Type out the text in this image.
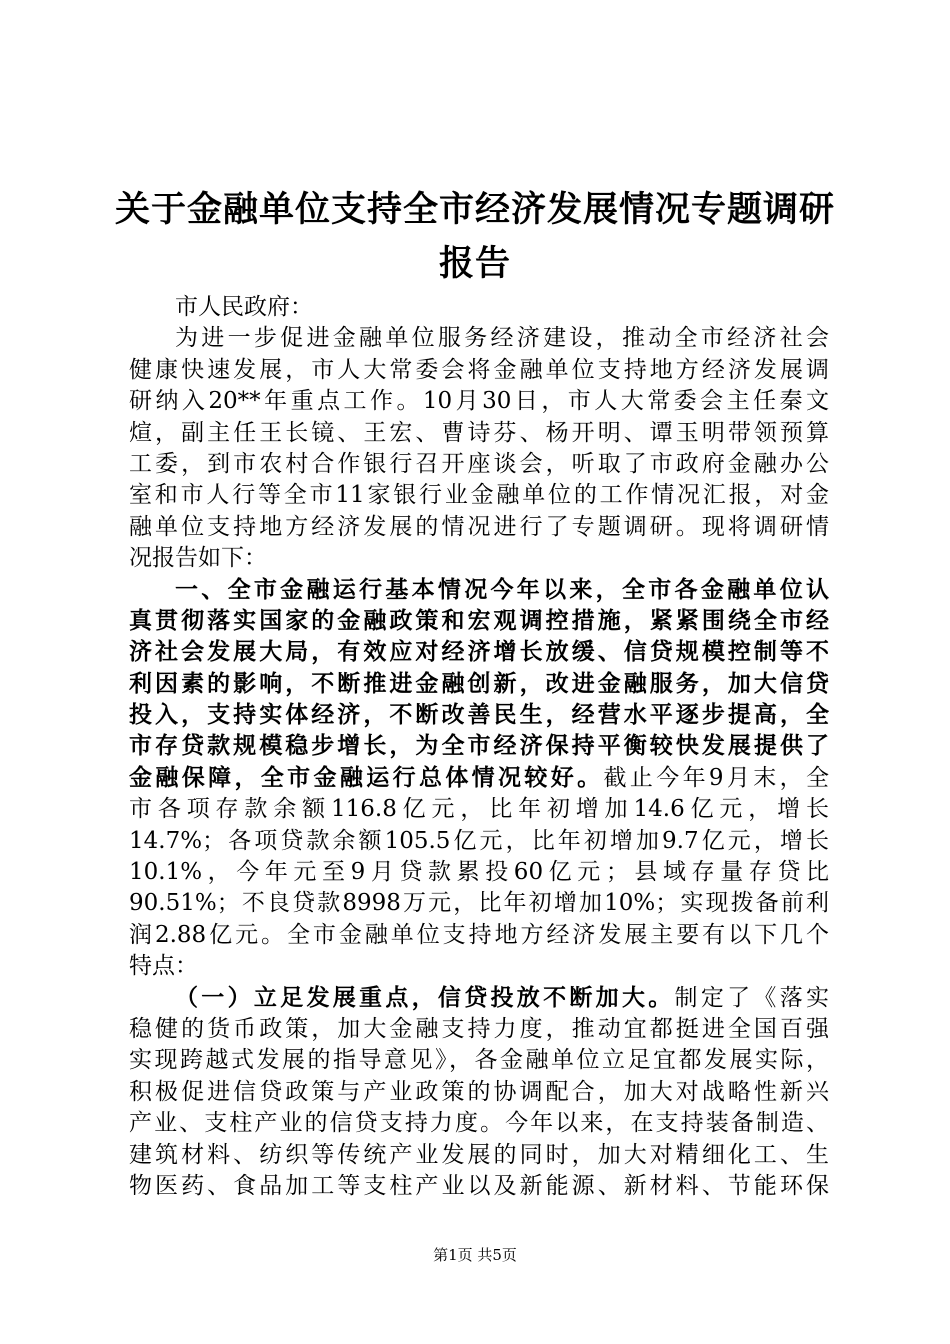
关于金融单位支持全市经济发展情况专题调研
报告
市人民政府：
为进一步促进金融单位服务经济建设，推动全市经济社会
健康快速发展，市人大常委会将金融单位支持地方经济发展调
研纳入20**年重点工作。10月30日，市人大常委会主任秦文
煊，副主任王长镜、王宏、曹诗芬、杨开明、谭玉明带领预算
工委，到市农村合作银行召开座谈会，听取了市政府金融办公
室和市人行等全市11家银行业金融单位的工作情况汇报，对金
融单位支持地方经济发展的情况进行了专题调研。现将调研情
况报告如下：
一、全市金融运行基本情况今年以来，全市各金融单位认
真贯彻落实国家的金融政策和宏观调控措施，紧紧围绕全市经
济社会发展大局，有效应对经济增长放缓、信贷规模控制等不
利因素的影响，不断推进金融创新，改进金融服务，加大信贷
投入，支持实体经济，不断改善民生，经营水平逐步提高，全
市存贷款规模稳步增长，为全市经济保持平衡较快发展提供了
金融保障，全市金融运行总体情况较好。截止今年9月末，全
市各项存款余额116.8亿元，比年初增加14.6亿元，增长
14.7%；各项贷款余额105.5亿元，比年初增加9.7亿元，增长
10.1%，今年元至9月贷款累投60亿元；县域存量存贷比
90.51%；不良贷款8998万元，比年初增加10%；实现拨备前利
润2.88亿元。全市金融单位支持地方经济发展主要有以下几个
特点：
（一）立足发展重点，信贷投放不断加大。制定了《落实
稳健的货币政策，加大金融支持力度，推动宜都挺进全国百强
实现跨越式发展的指导意见》，各金融单位立足宜都发展实际，
积极促进信贷政策与产业政策的协调配合，加大对战略性新兴
产业、支柱产业的信贷支持力度。今年以来，在支持装备制造、
建筑材料、纺织等传统产业发展的同时，加大对精细化工、生
物医药、食品加工等支柱产业以及新能源、新材料、节能环保
第1页 共5页
